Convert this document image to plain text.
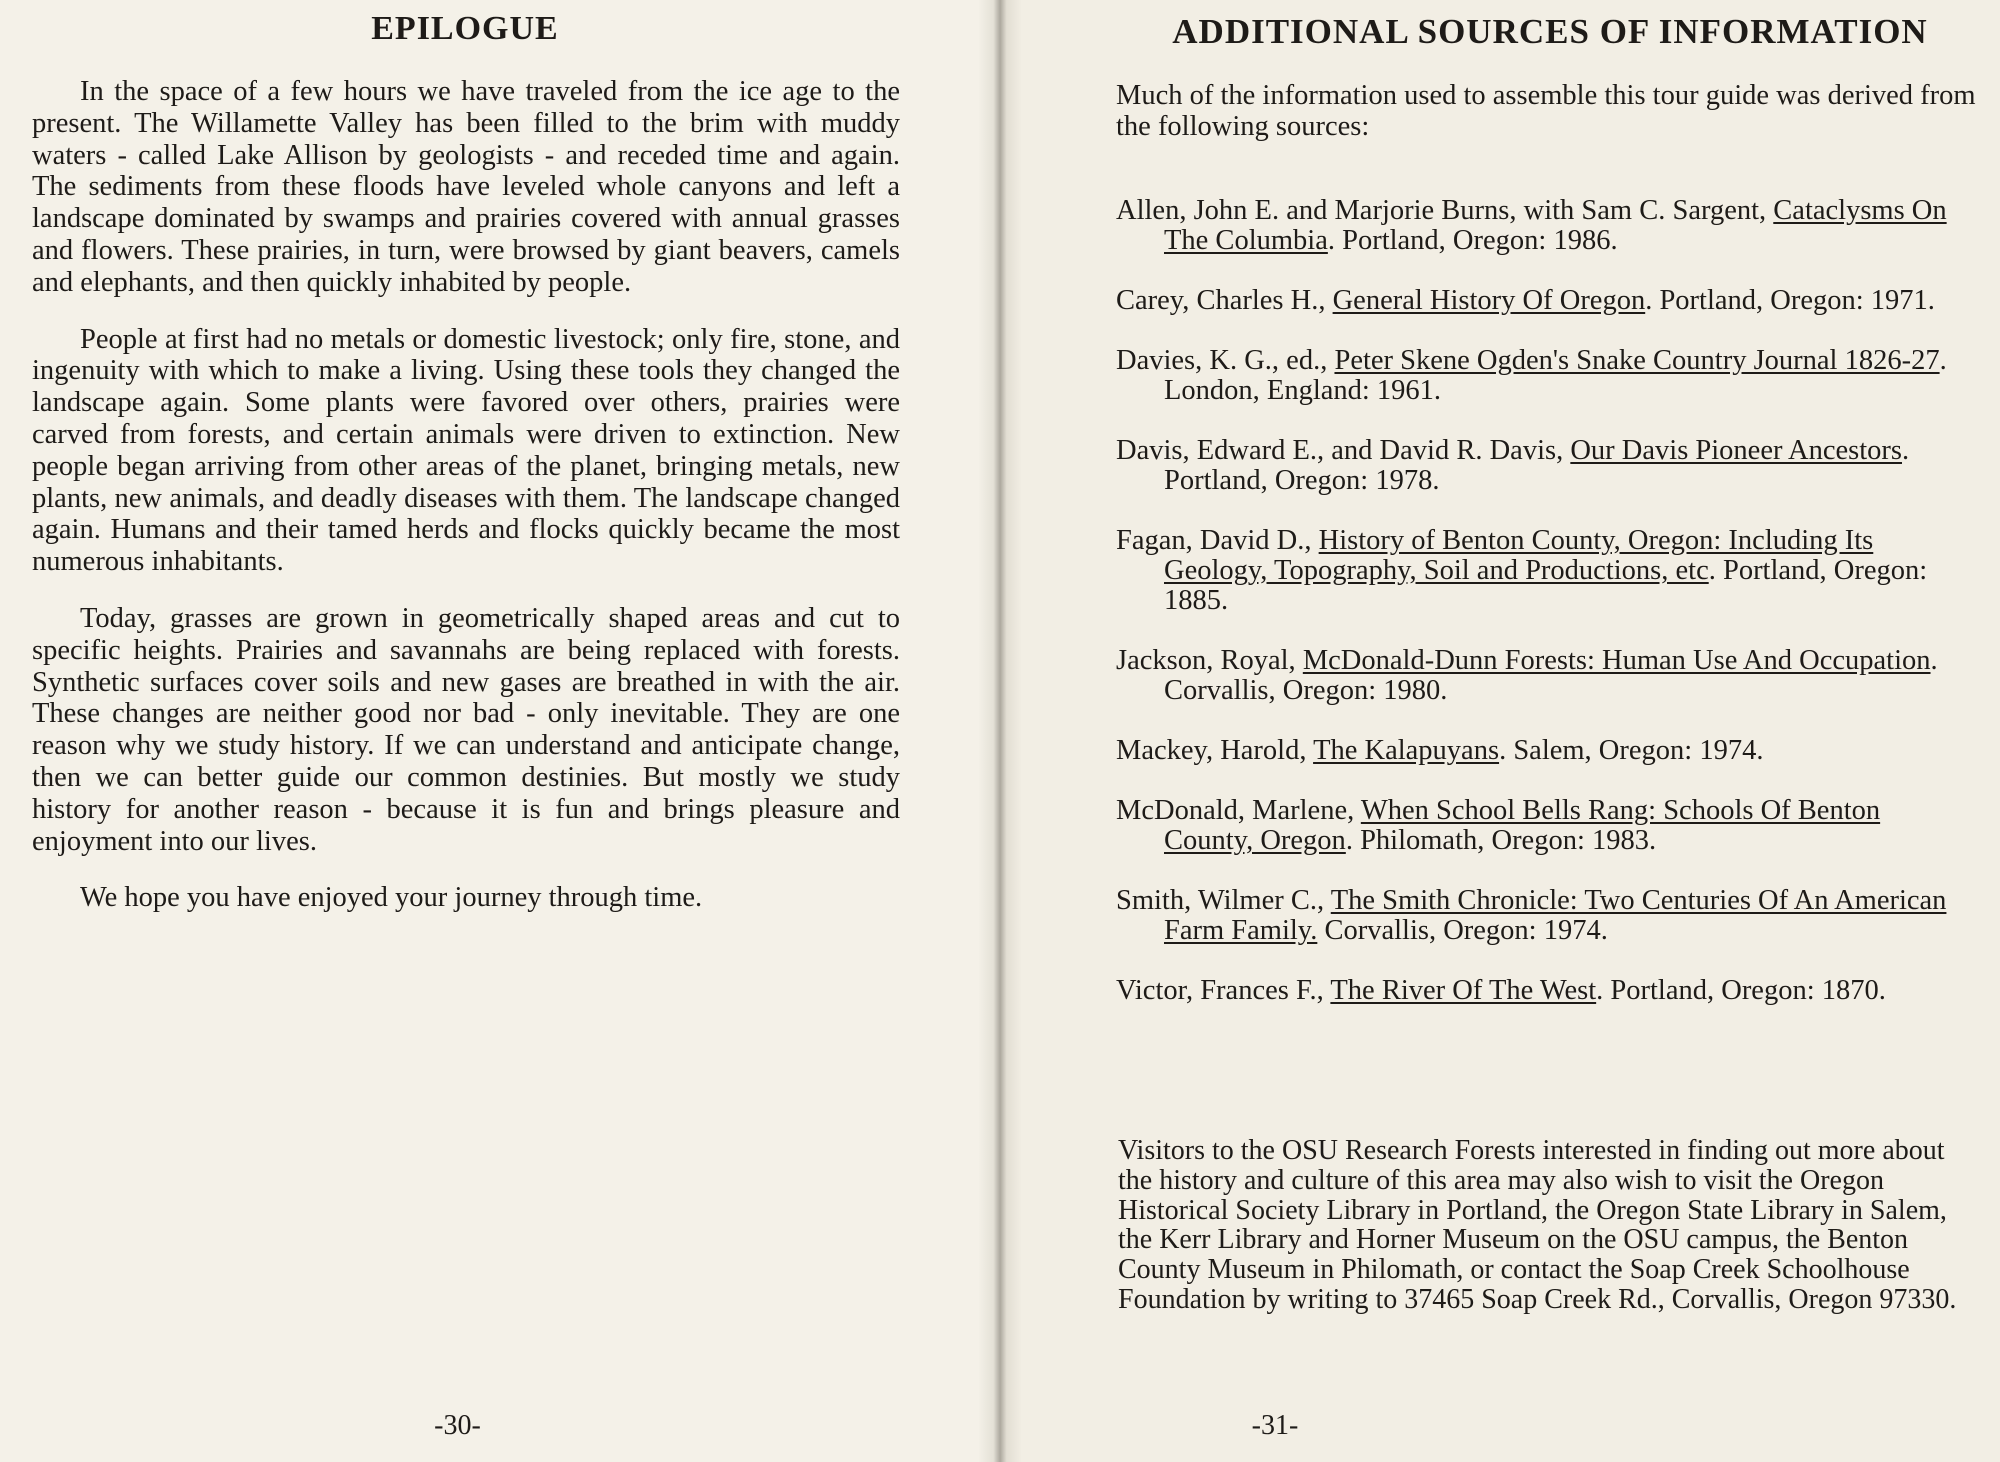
EPILOGUE

In the space of a few hours we have traveled from the ice age to the present. The Willamette Valley has been filled to the brim with muddy waters - called Lake Allison by geologists - and receded time and again. The sediments from these floods have leveled whole canyons and left a landscape dominated by swamps and prairies covered with annual grasses and flowers. These prairies, in turn, were browsed by giant beavers, camels and elephants, and then quickly inhabited by people.

People at first had no metals or domestic livestock; only fire, stone, and ingenuity with which to make a living. Using these tools they changed the landscape again. Some plants were favored over others, prairies were carved from forests, and certain animals were driven to extinction. New people began arriving from other areas of the planet, bringing metals, new plants, new animals, and deadly diseases with them. The landscape changed again. Humans and their tamed herds and flocks quickly became the most numerous inhabitants.

Today, grasses are grown in geometrically shaped areas and cut to specific heights. Prairies and savannahs are being replaced with forests. Synthetic surfaces cover soils and new gases are breathed in with the air. These changes are neither good nor bad - only inevitable. They are one reason why we study history. If we can understand and anticipate change, then we can better guide our common destinies. But mostly we study history for another reason - because it is fun and brings pleasure and enjoyment into our lives.

We hope you have enjoyed your journey through time.

-30-
ADDITIONAL SOURCES OF INFORMATION
-31-

Much of the information used to assemble this tour guide was derived from the following sources:

Allen, John E. and Marjorie Burns, with Sam C. Sargent, Cataclysms On The Columbia. Portland, Oregon: 1986.
Carey, Charles H., General History Of Oregon. Portland, Oregon: 1971.
Davies, K. G., ed., Peter Skene Ogden's Snake Country Journal 1826-27. London, England: 1961.
Davis, Edward E., and David R. Davis, Our Davis Pioneer Ancestors. Portland, Oregon: 1978.
Fagan, David D., History of Benton County, Oregon: Including Its Geology, Topography, Soil and Productions, etc. Portland, Oregon: 1885.
Jackson, Royal, McDonald-Dunn Forests: Human Use And Occupation. Corvallis, Oregon: 1980.
Mackey, Harold, The Kalapuyans. Salem, Oregon: 1974.
McDonald, Marlene, When School Bells Rang: Schools Of Benton County, Oregon. Philomath, Oregon: 1983.
Smith, Wilmer C., The Smith Chronicle: Two Centuries Of An American Farm Family. Corvallis, Oregon: 1974.
Victor, Frances F., The River Of The West. Portland, Oregon: 1870.

Visitors to the OSU Research Forests interested in finding out more about the history and culture of this area may also wish to visit the Oregon Historical Society Library in Portland, the Oregon State Library in Salem, the Kerr Library and Horner Museum on the OSU campus, the Benton County Museum in Philomath, or contact the Soap Creek Schoolhouse Foundation by writing to 37465 Soap Creek Rd., Corvallis, Oregon 97330.
